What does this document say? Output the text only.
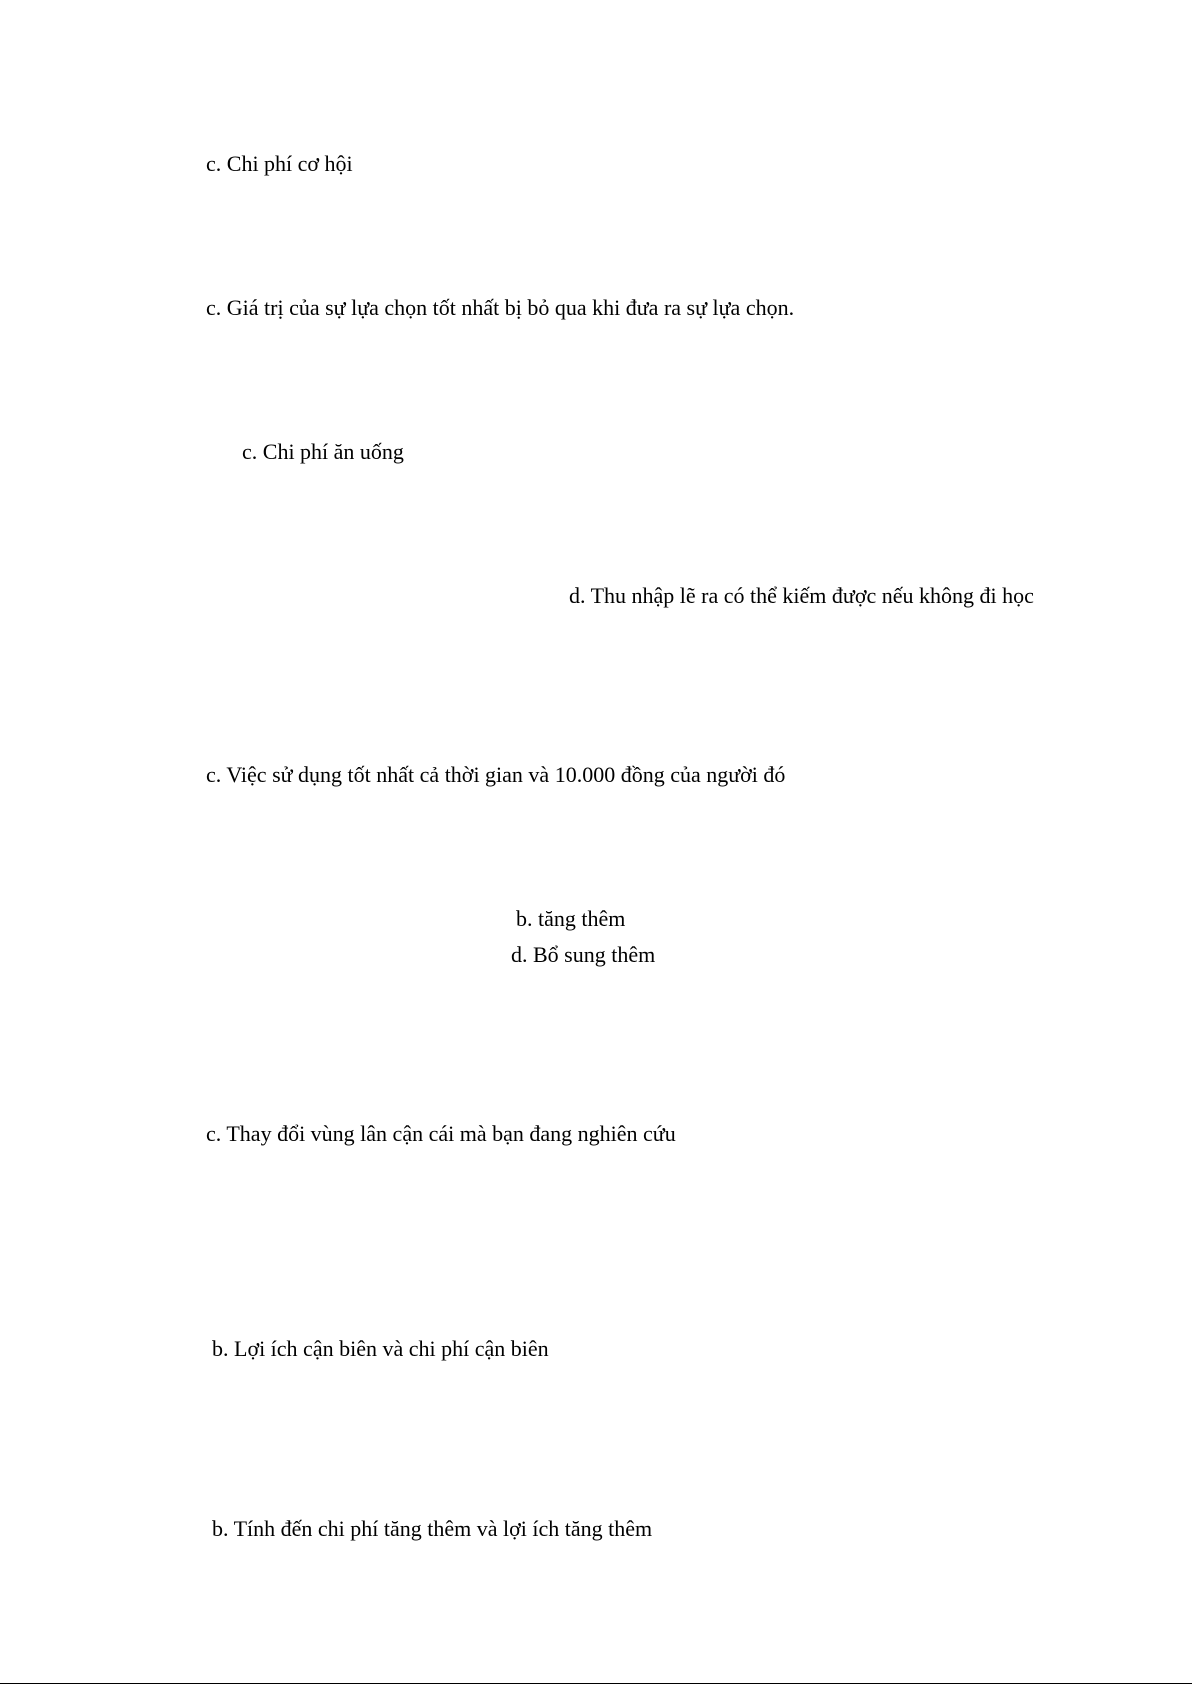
c. Chi phí cơ hội
c. Giá trị của sự lựa chọn tốt nhất bị bỏ qua khi đưa ra sự lựa chọn.
c. Chi phí ăn uống
d. Thu nhập lẽ ra có thể kiếm được nếu không đi học
c. Việc sử dụng tốt nhất cả thời gian và 10.000 đồng của người đó
b. tăng thêm
d. Bổ sung thêm
c. Thay đổi vùng lân cận cái mà bạn đang nghiên cứu
b. Lợi ích cận biên và chi phí cận biên
b. Tính đến chi phí tăng thêm và lợi ích tăng thêm
